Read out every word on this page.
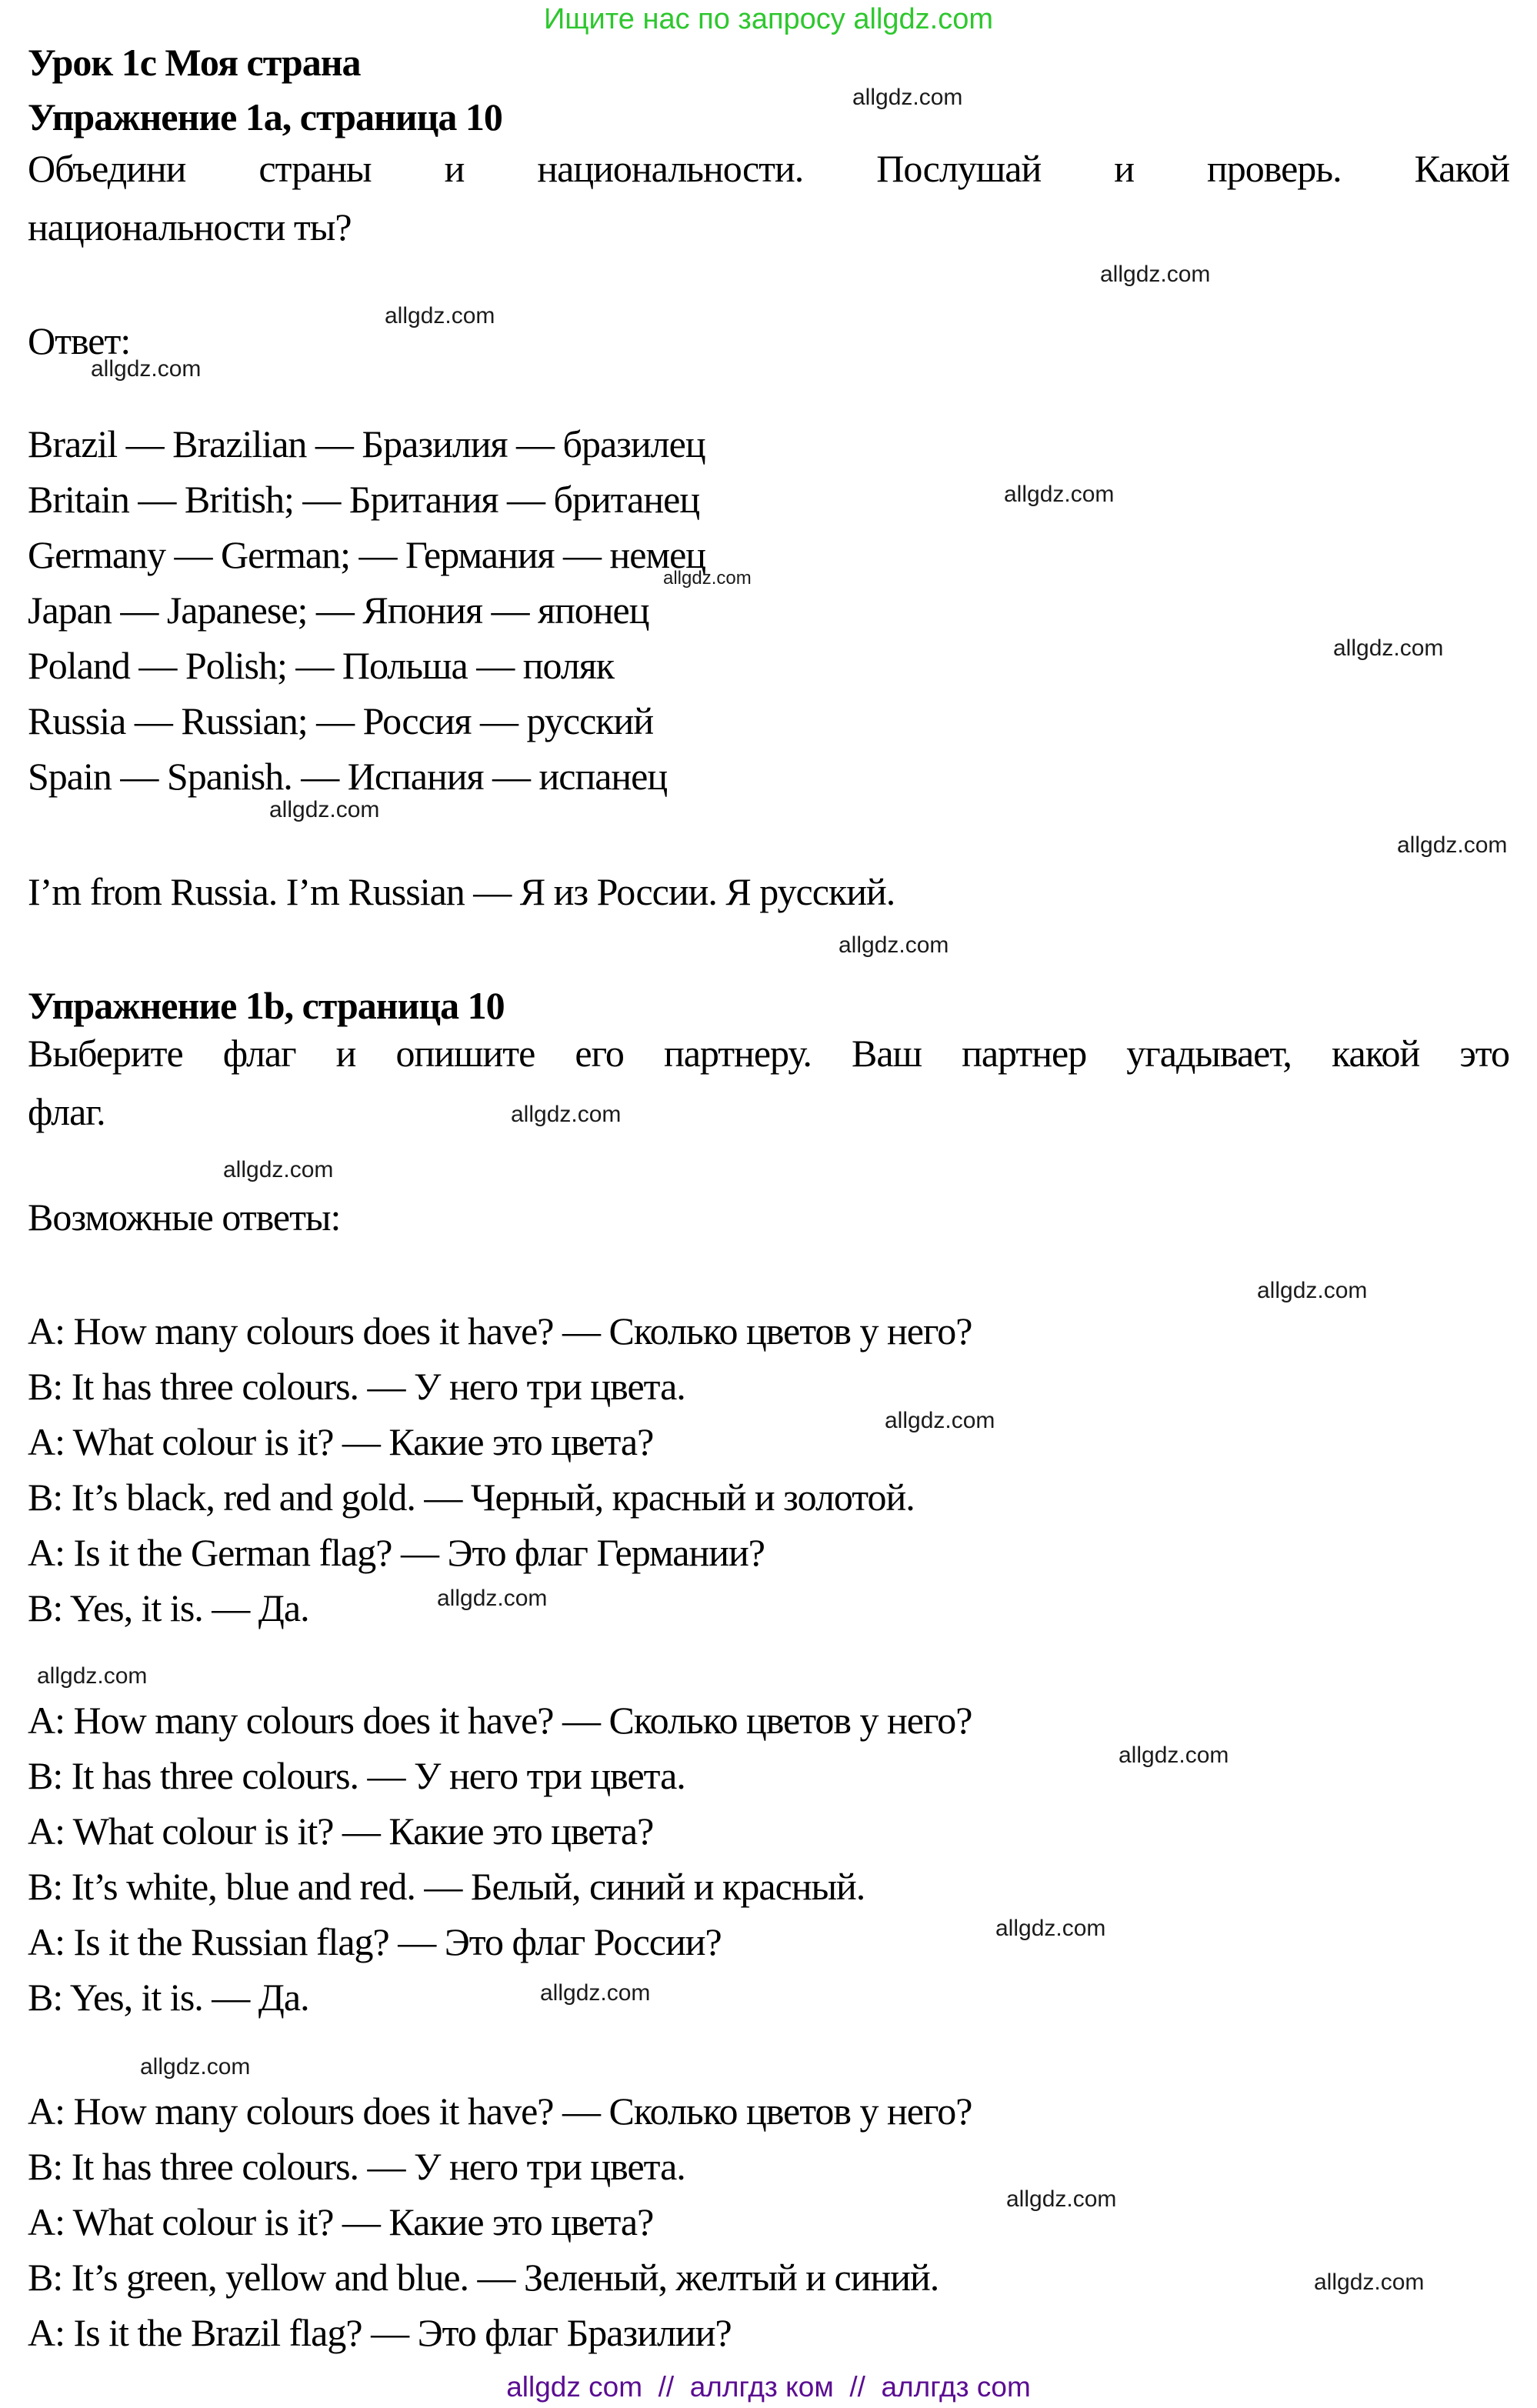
Ищите нас по запросу allgdz.com
Урок 1с Моя страна
Упражнение 1а, страница 10
Объедини страны и национальности. Послушай и проверь. Какой
национальности ты?
Ответ:
Brazil — Brazilian — Бразилия — бразилец
Britain — British; — Британия — британец
Germany — German; — Германия — немец
Japan — Japanese; — Япония — японец
Poland — Polish; — Польша — поляк
Russia — Russian; — Россия — русский
Spain — Spanish. — Испания — испанец
I’m from Russia. I’m Russian — Я из России. Я русский.
Упражнение 1b, страница 10
Выберите флаг и опишите его партнеру. Ваш партнер угадывает, какой это
флаг.
Возможные ответы:
A: How many colours does it have? — Сколько цветов у него?
B: It has three colours. — У него три цвета.
A: What colour is it? — Какие это цвета?
B: It’s black, red and gold. — Черный, красный и золотой.
A: Is it the German flag? — Это флаг Германии?
B: Yes, it is. — Да.
A: How many colours does it have? — Сколько цветов у него?
B: It has three colours. — У него три цвета.
A: What colour is it? — Какие это цвета?
B: It’s white, blue and red. — Белый, синий и красный.
A: Is it the Russian flag? — Это флаг России?
B: Yes, it is. — Да.
A: How many colours does it have? — Сколько цветов у него?
B: It has three colours. — У него три цвета.
A: What colour is it? — Какие это цвета?
B: It’s green, yellow and blue. — Зеленый, желтый и синий.
A: Is it the Brazil flag? — Это флаг Бразилии?
allgdz.com
allgdz.com
allgdz.com
allgdz.com
allgdz.com
allgdz.com
allgdz.com
allgdz.com
allgdz.com
allgdz.com
allgdz.com
allgdz.com
allgdz.com
allgdz.com
allgdz.com
allgdz.com
allgdz.com
allgdz.com
allgdz.com
allgdz.com
allgdz.com
allgdz.com
allgdz com  //  аллгдз ком  //  аллгдз com
